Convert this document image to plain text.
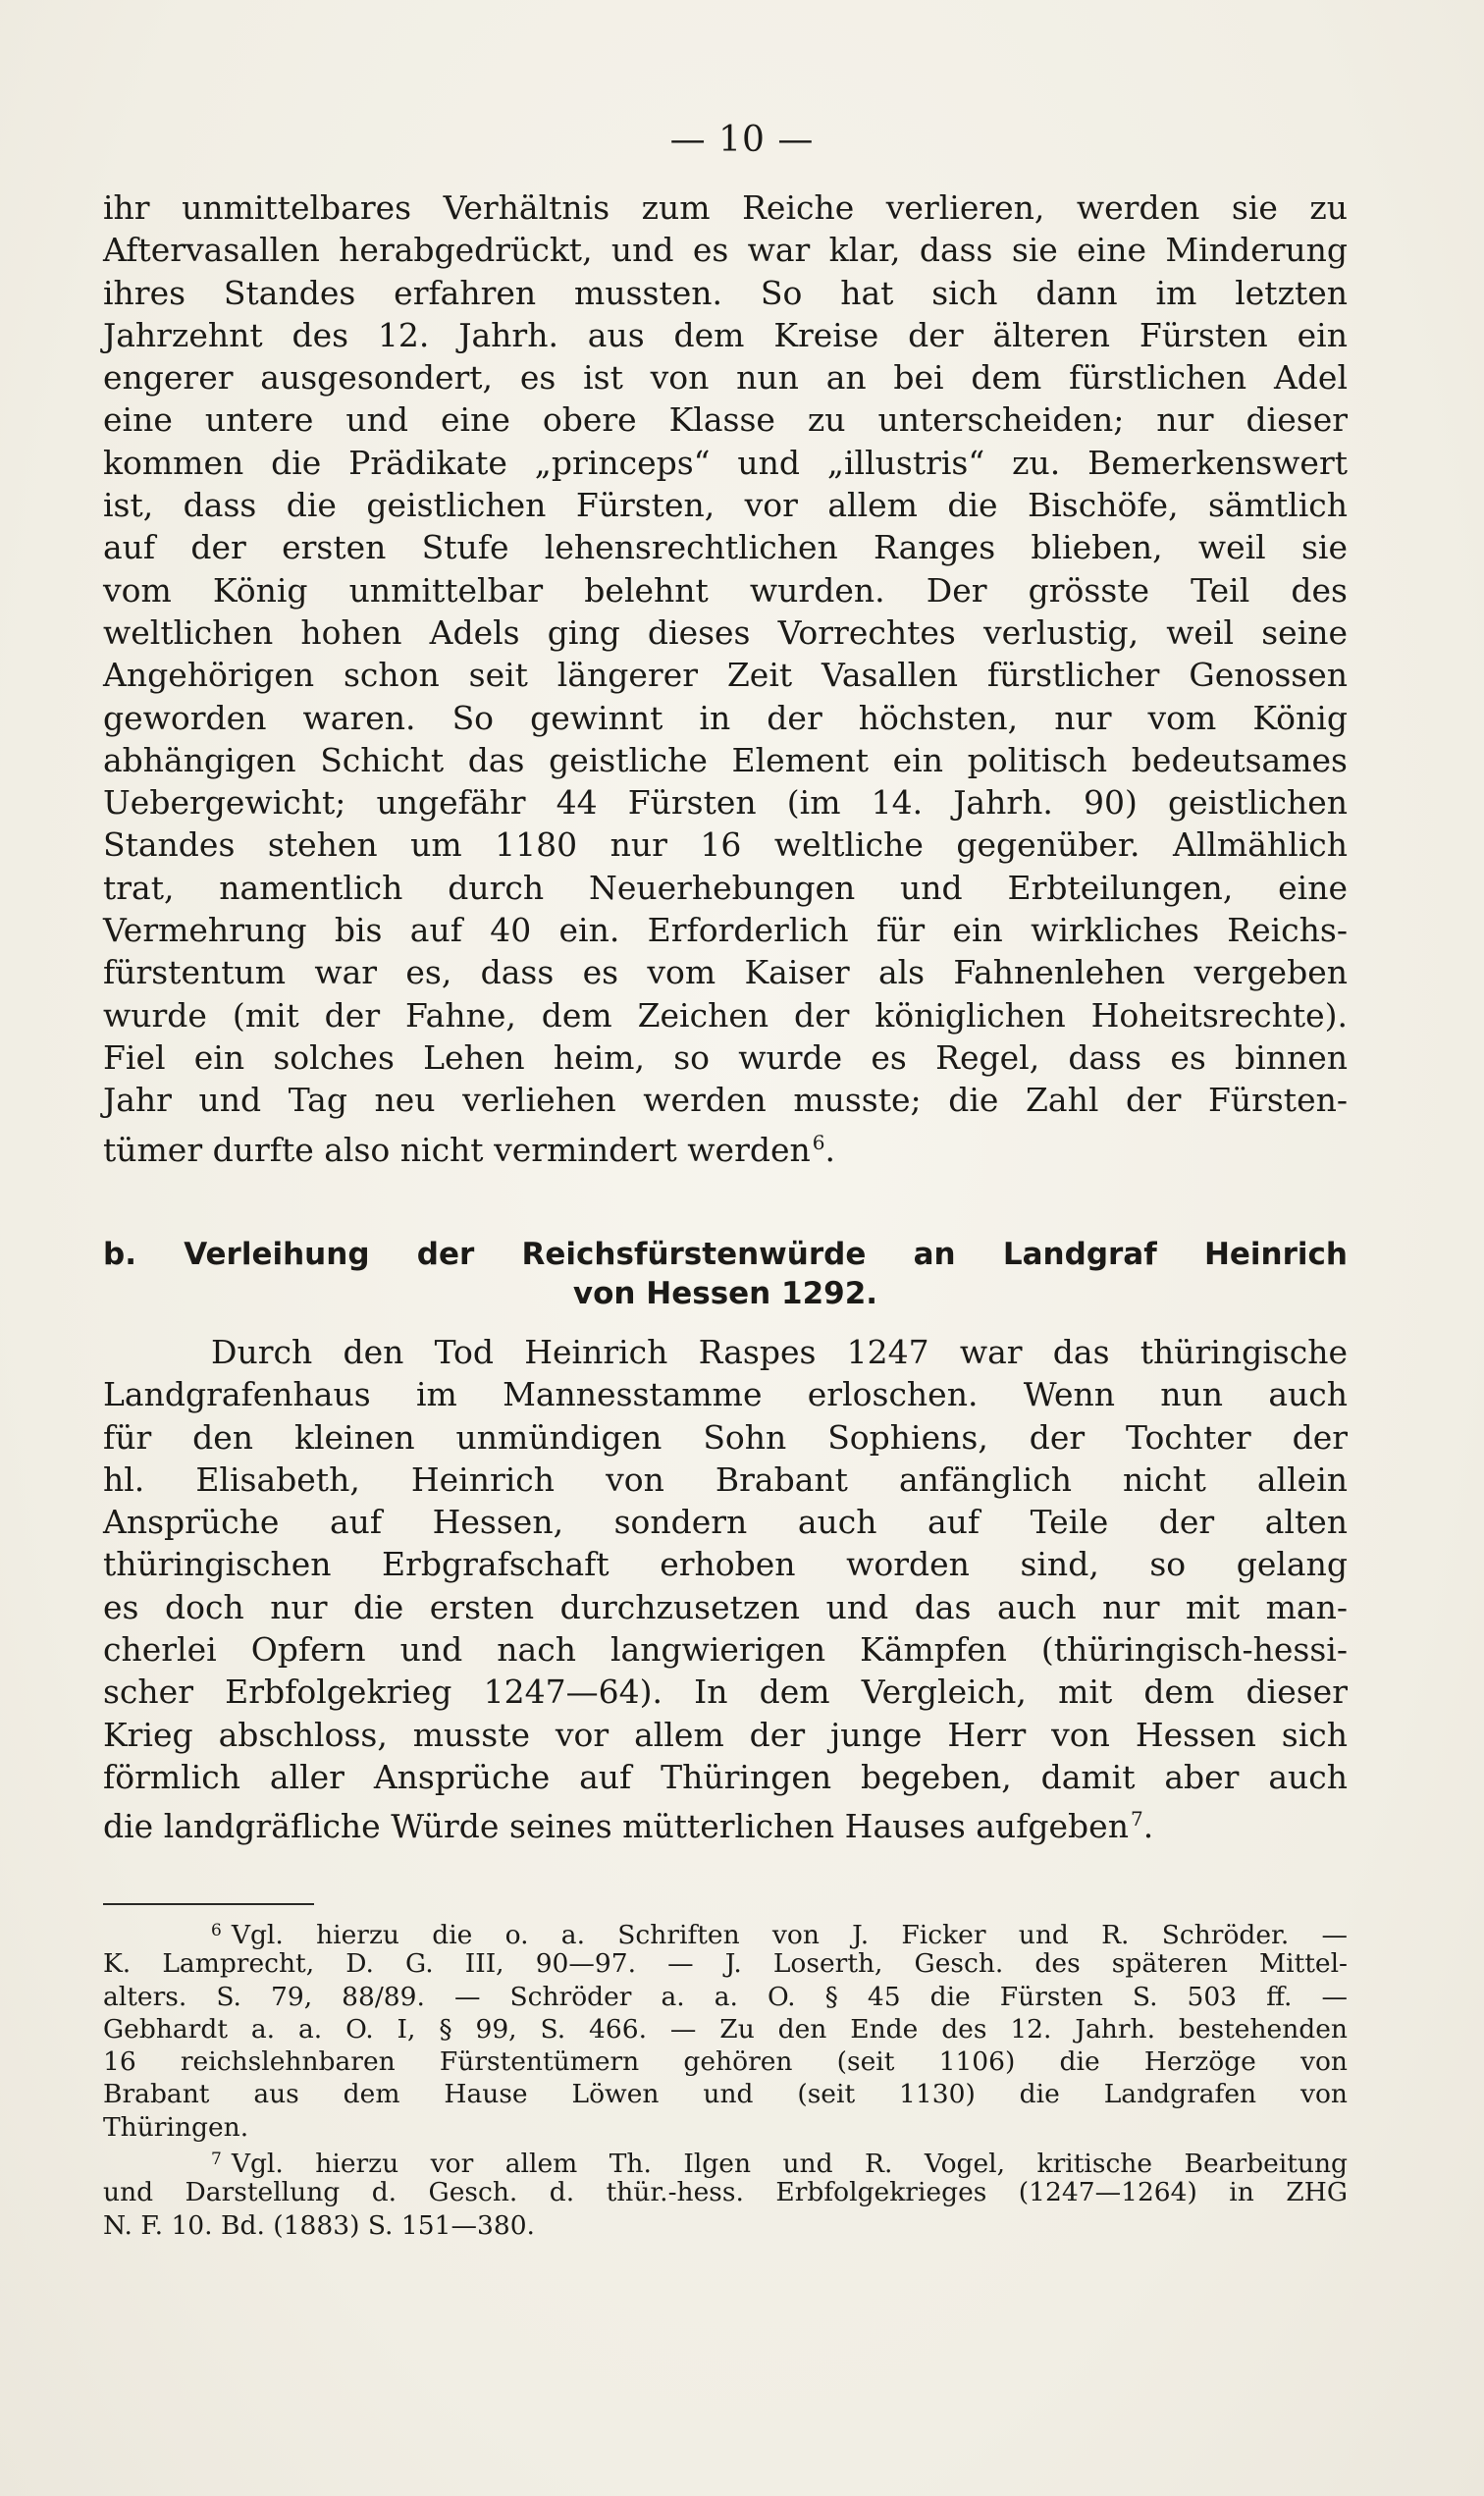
— 10 —
ihr unmittelbares Verhältnis zum Reiche verlieren, werden sie zu
Aftervasallen herabgedrückt, und es war klar, dass sie eine Minderung
ihres Standes erfahren mussten. So hat sich dann im letzten
Jahrzehnt des 12. Jahrh. aus dem Kreise der älteren Fürsten ein
engerer ausgesondert, es ist von nun an bei dem fürstlichen Adel
eine untere und eine obere Klasse zu unterscheiden; nur dieser
kommen die Prädikate „princeps“ und „illustris“ zu. Bemerkenswert
ist, dass die geistlichen Fürsten, vor allem die Bischöfe, sämtlich
auf der ersten Stufe lehensrechtlichen Ranges blieben, weil sie
vom König unmittelbar belehnt wurden. Der grösste Teil des
weltlichen hohen Adels ging dieses Vorrechtes verlustig, weil seine
Angehörigen schon seit längerer Zeit Vasallen fürstlicher Genossen
geworden waren. So gewinnt in der höchsten, nur vom König
abhängigen Schicht das geistliche Element ein politisch bedeutsames
Uebergewicht; ungefähr 44 Fürsten (im 14. Jahrh. 90) geistlichen
Standes stehen um 1180 nur 16 weltliche gegenüber. Allmählich
trat, namentlich durch Neuerhebungen und Erbteilungen, eine
Vermehrung bis auf 40 ein. Erforderlich für ein wirkliches Reichs-
fürstentum war es, dass es vom Kaiser als Fahnenlehen vergeben
wurde (mit der Fahne, dem Zeichen der königlichen Hoheitsrechte).
Fiel ein solches Lehen heim, so wurde es Regel, dass es binnen
Jahr und Tag neu verliehen werden musste; die Zahl der Fürsten-
tümer durfte also nicht vermindert werden $^6$.
b. Verleihung der Reichsfürstenwürde an Landgraf Heinrich
von Hessen 1292.
Durch den Tod Heinrich Raspes 1247 war das thüringische
Landgrafenhaus im Mannesstamme erloschen. Wenn nun auch
für den kleinen unmündigen Sohn Sophiens, der Tochter der
hl. Elisabeth, Heinrich von Brabant anfänglich nicht allein
Ansprüche auf Hessen, sondern auch auf Teile der alten
thüringischen Erbgrafschaft erhoben worden sind, so gelang
es doch nur die ersten durchzusetzen und das auch nur mit man-
cherlei Opfern und nach langwierigen Kämpfen (thüringisch-hessi-
scher Erbfolgekrieg 1247—64). In dem Vergleich, mit dem dieser
Krieg abschloss, musste vor allem der junge Herr von Hessen sich
förmlich aller Ansprüche auf Thüringen begeben, damit aber auch
die landgräfliche Würde seines mütterlichen Hauses aufgeben $^7$.
$^6$ Vgl. hierzu die o. a. Schriften von J. Ficker und R. Schröder. —
K. Lamprecht, D. G. III, 90—97. — J. Loserth, Gesch. des späteren Mittel-
alters. S. 79, 88/89. — Schröder a. a. O. § 45 die Fürsten S. 503 ff. —
Gebhardt a. a. O. I, § 99, S. 466. — Zu den Ende des 12. Jahrh. bestehenden
16 reichslehnbaren Fürstentümern gehören (seit 1106) die Herzöge von
Brabant aus dem Hause Löwen und (seit 1130) die Landgrafen von
Thüringen.
$^7$ Vgl. hierzu vor allem Th. Ilgen und R. Vogel, kritische Bearbeitung
und Darstellung d. Gesch. d. thür.-hess. Erbfolgekrieges (1247—1264) in ZHG
N. F. 10. Bd. (1883) S. 151—380.
